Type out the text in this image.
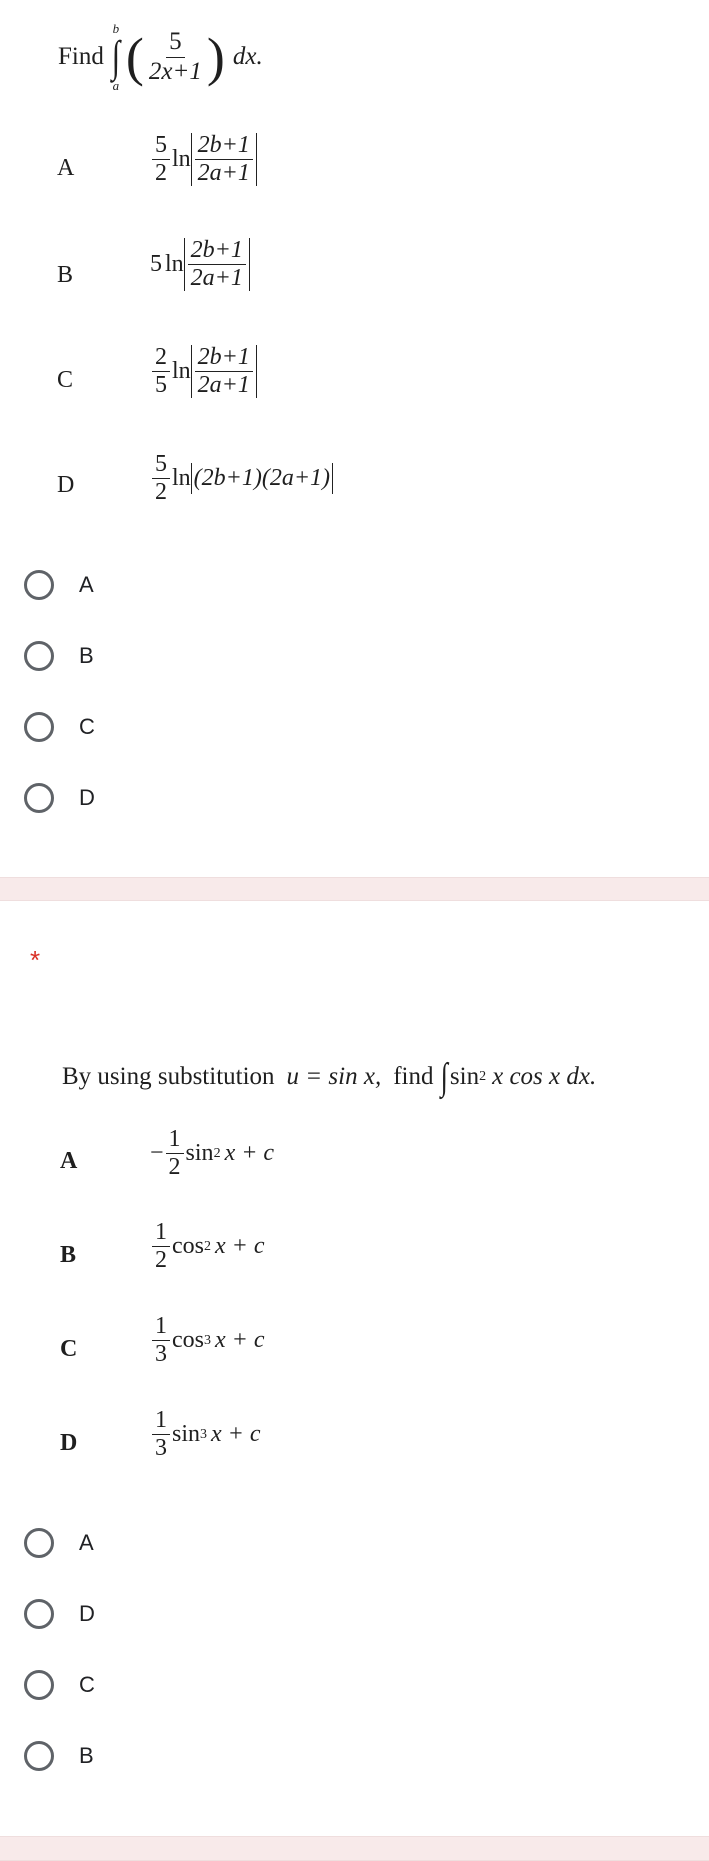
Find
b
∫
a ( $\frac{5}{2x+1}$ ) dx.
A	$\frac{5}{2}$ $\ln \frac{2b+1}{2a+1}$
B	5 $\ln \frac{2b+1}{2a+1}$
C	$\frac{2}{5}$ $\ln \frac{2b+1}{2a+1}$
D	$\frac{5}{2}$ ln (2b+1)(2a+1)
A
B
C
D
*
By using substitution u = sin x, find ∫ sin 2 x cos x dx.
A	− $\frac{1}{2}$ sin 2 x + c
B	$\frac{1}{2}$ cos 2 x + c
C	$\frac{1}{3}$ cos 3 x + c
D	$\frac{1}{3}$ sin 3 x + c
A
D
C
B
